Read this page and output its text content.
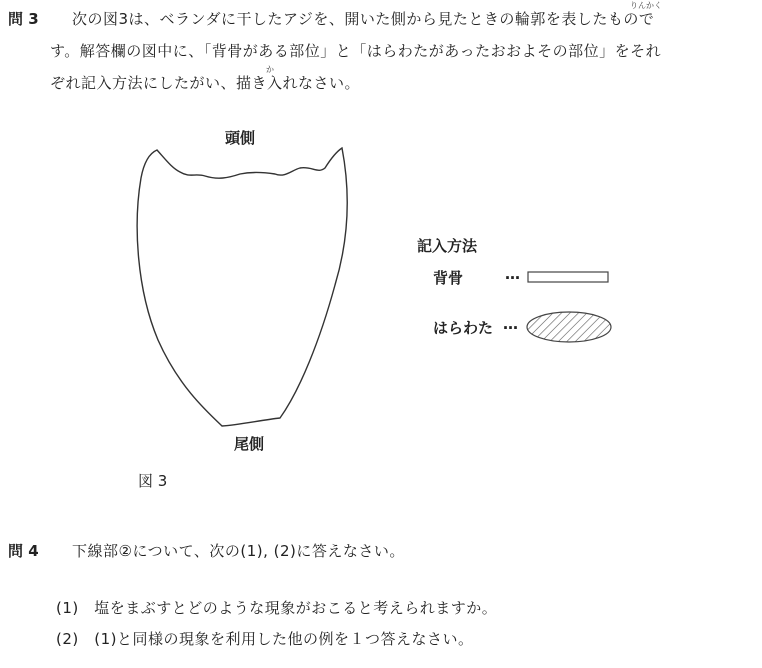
問 3
りんかく
次の図3は、ベランダに干したアジを、開いた側から見たときの輪郭を表したもので
す。解答欄の図中に、「背骨がある部位」と「はらわたがあったおおよその部位」をそれ
か
ぞれ記入方法にしたがい、描き入れなさい。
頭側
尾側
図 3
記入方法
背骨	…
はらわた …
問 4 下線部②について、次の(1), (2)に答えなさい。
(1)　塩をまぶすとどのような現象がおこると考えられますか。
(2)　(1)と同様の現象を利用した他の例を１つ答えなさい。
